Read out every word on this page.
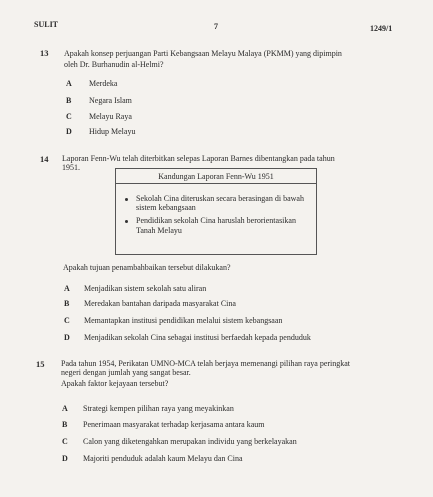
SULIT	7	1249/1
13 Apakah konsep perjuangan Parti Kebangsaan Melayu Malaya (PKMM) yang dipimpin
oleh Dr. Burhanudin al-Helmi?
A Merdeka
B Negara Islam
C Melayu Raya
D Hidup Melayu
14 Laporan Fenn-Wu telah diterbitkan selepas Laporan Barnes dibentangkan pada tahun
1951.
Kandungan Laporan Fenn-Wu 1951
Sekolah Cina diteruskan secara berasingan di bawah
sistem kebangsaan
Pendidikan sekolah Cina haruslah berorientasikan
Tanah Melayu
Apakah tujuan penambahbaikan tersebut dilakukan?
A Menjadikan sistem sekolah satu aliran
B Meredakan bantahan daripada masyarakat Cina
C Memantapkan institusi pendidikan melalui sistem kebangsaan
D Menjadikan sekolah Cina sebagai institusi berfaedah kepada penduduk
15 Pada tahun 1954, Perikatan UMNO-MCA telah berjaya memenangi pilihan raya peringkat
negeri dengan jumlah yang sangat besar.
Apakah faktor kejayaan tersebut?
A Strategi kempen pilihan raya yang meyakinkan
B Penerimaan masyarakat terhadap kerjasama antara kaum
C Calon yang diketengahkan merupakan individu yang berkelayakan
D Majoriti penduduk adalah kaum Melayu dan Cina
